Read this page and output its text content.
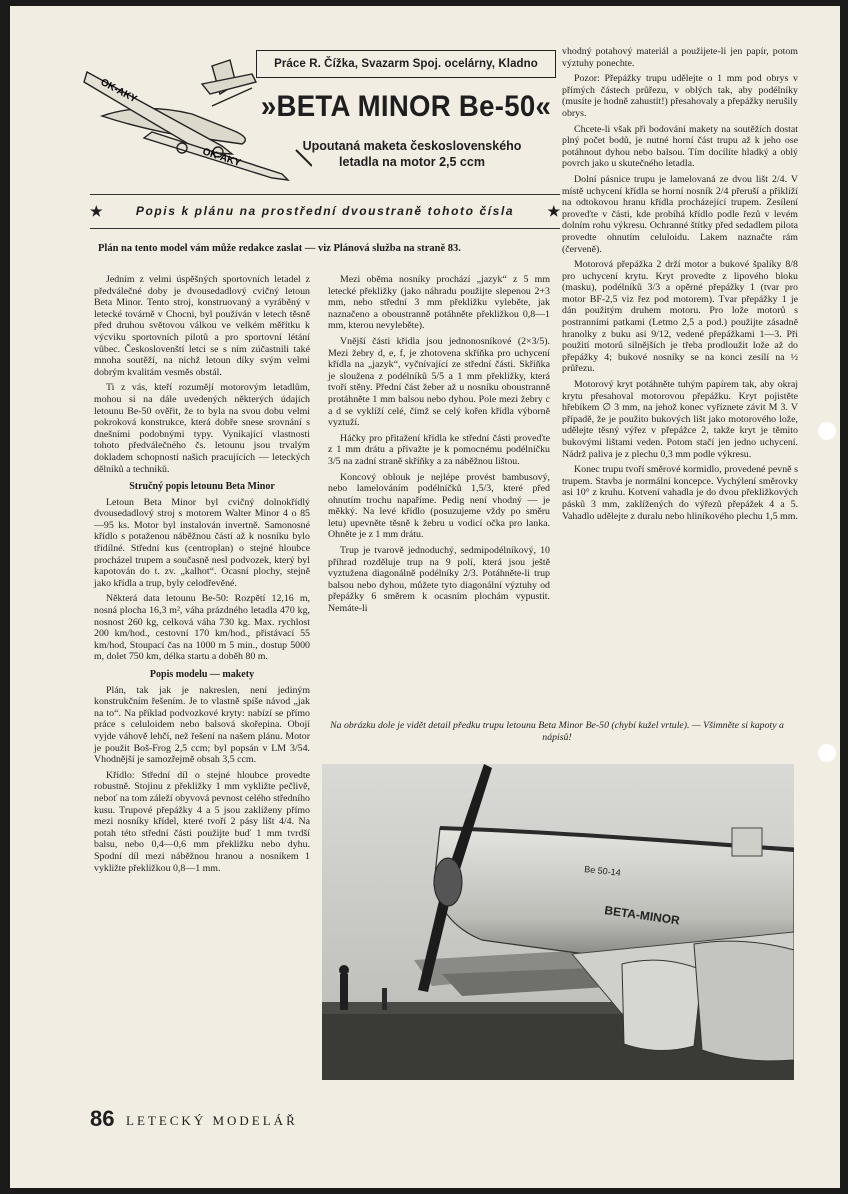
OK-AKY
OK-AKY
Práce R. Čížka, Svazarm Spoj. ocelárny, Kladno
»BETA MINOR Be-50«
Upoutaná maketa československého letadla na motor 2,5 ccm
★	Popis k plánu na prostřední dvoustraně tohoto čísla ★
Plán na tento model vám může redakce zaslat — viz Plánová služba na straně 83.

Jedním z velmi úspěšných sportovních letadel z předválečné doby je dvousedadlový cvičný letoun Beta Minor. Tento stroj, konstruovaný a vyráběný v letecké továrně v Chocni, byl používán v letech těsně před druhou světovou válkou ve velkém měřítku k výcviku sportovních pilotů a pro sportovní létání vůbec. Českoslovenští letci se s ním zúčastnili také mnoha soutěží, na nichž letoun díky svým velmi dobrým kvalitám vesměs obstál.

Ti z vás, kteří rozumějí motorovým letadlům, mohou si na dále uvedených některých údajích letounu Be-50 ověřit, že to byla na svou dobu velmi pokroková konstrukce, která dobře snese srovnání s dnešními podobnými typy. Vynikající vlastnosti tohoto předválečného čs. letounu jsou trvalým dokladem schopností našich pracujících — leteckých dělníků a techniků.

Stručný popis letounu Beta Minor

Letoun Beta Minor byl cvičný dolnokřídlý dvousedadlový stroj s motorem Walter Minor 4 o 85—95 ks. Motor byl instalován invertně. Samonosné křídlo s potaženou náběžnou částí až k nosníku bylo třídílné. Střední kus (centroplan) o stejné hloubce procházel trupem a současně nesl podvozek, který byl kapotován do t. zv. „kalhot“. Ocasní plochy, stejně jako křídla a trup, byly celodřevěné.

Některá data letounu Be-50: Rozpětí 12,16 m, nosná plocha 16,3 m², váha prázdného letadla 470 kg, nosnost 260 kg, celková váha 730 kg. Max. rychlost 200 km/hod., cestovní 170 km/hod., přistávací 55 km/hod, Stoupací čas na 1000 m 5 min., dostup 5000 m, dolet 750 km, délka startu a doběh 80 m.

Popis modelu — makety

Plán, tak jak je nakreslen, není jediným konstrukčním řešením. Je to vlastně spíše návod „jak na to“. Na příklad podvozkové kryty: nabízí se přímo práce s celuloidem nebo balsová skořepina. Obojí vyjde váhově lehčí, než řešení na našem plánu. Motor je použit Boš-Frog 2,5 ccm; byl popsán v LM 3/54. Vhodnější je samozřejmě obsah 3,5 ccm.

Křídlo: Střední díl o stejné hloubce provedte robustně. Stojinu z překližky 1 mm vykližte pečlivě, neboť na tom záleží obyvová pevnost celého středního kusu. Trupové přepážky 4 a 5 jsou zaklíženy přímo mezi nosníky křídel, které tvoří 2 pásy lišt 4/4. Na potah této střední části použijte buď 1 mm tvrdší balsu, nebo 0,4—0,6 mm překližku nebo dyhu. Spodní díl mezi náběžnou hranou a nosníkem 1 vykližte překližkou 0,8—1 mm.

Mezi oběma nosníky prochází „jazyk“ z 5 mm letecké překližky (jako náhradu použijte slepenou 2+3 mm, nebo střední 3 mm překližku vyleběte, jak naznačeno a oboustranně potáhněte překližkou 0,8—1 mm, kterou nevyleběte).

Vnější části křídla jsou jednonosníkové (2×3/5). Mezi žebry d, e, f, je zhotovena skříňka pro uchycení křídla na „jazyk“, vyčnívající ze střední části. Skříňka je sloužena z podélníků 5/5 a 1 mm překližky, která tvoří stěny. Přední část žeber až u nosníku oboustranně protáhněte 1 mm balsou nebo dyhou. Pole mezi žebry c a d se vyklíží celé, čímž se celý kořen křídla výborně vyztuží.

Háčky pro přitažení křídla ke střední části proveďte z 1 mm drátu a přivažte je k pomocnému podélníčku 3/5 na zadní straně skříňky a za náběžnou lištou.

Koncový oblouk je nejlépe provést bambusový, nebo lamelováním podélníčků 1,5/3, které před ohnutím trochu napaříme. Pedig není vhodný — je měkký. Na levé křídlo (posuzujeme vždy po směru letu) upevněte těsně k žebru u vodicí očka pro lanka. Ohněte je z 1 mm drátu.

Trup je tvarově jednoduchý, sedmipodélníkový, 10 příhrad rozděluje trup na 9 polí, která jsou ještě vyztužena diagonálně podélníky 2/3. Potáhněte-li trup balsou nebo dyhou, můžete tyto diagonální výztuhy od přepážky 6 směrem k ocasním plochám vypustit. Nemáte-li

vhodný potahový materiál a použijete-li jen papír, potom výztuhy ponechte.

Pozor: Přepážky trupu udělejte o 1 mm pod obrys v přímých částech průřezu, v oblých tak, aby podélníky (musíte je hodně zahustit!) přesahovaly a přepážky nerušily obrys.

Chcete-li však při bodování makety na soutěžích dostat plný počet bodů, je nutné horní část trupu až k jeho ose potáhnout dyhou nebo balsou. Tím docílíte hladký a oblý povrch jako u skutečného letadla.

Dolní pásnice trupu je lamelovaná ze dvou lišt 2/4. V místě uchycení křídla se horní nosník 2/4 přeruší a přiklíží na odtokovou hranu křídla procházející trupem. Zesílení proveďte v části, kde probíhá křídlo podle řezů v levém dolním rohu výkresu. Ochranné štítky před sedadlem pilota provedte ohnutím celuloidu. Lakem naznačte rám (červeně).

Motorová přepážka 2 drží motor a bukové špalíky 8/8 pro uchycení krytu. Kryt provedte z lipového bloku (masku), podélníků 3/3 a opěrné přepážky 1 (tvar pro motor BF-2,5 viz řez pod motorem). Tvar přepážky 1 je dán použitým druhem motoru. Pro lože motorů s postranními patkami (Letmo 2,5 a pod.) použijte zásadně hranolky z buku asi 9/12, vedené přepážkami 1—3. Při použití motorů silnějších je třeba prodloužit lože až do přepážky 4; bukové nosníky se na konci zesílí na ½ průřezu.

Motorový kryt potáhněte tuhým papírem tak, aby okraj krytu přesahoval motorovou přepážku. Kryt pojistěte hřebíkem ∅ 3 mm, na jehož konec vyříznete závit M 3. V případě, že je použito bukových lišt jako motorového lože, udělejte těsný výřez v přepážce 2, takže kryt je těmito bukovými lištami veden. Potom stačí jen jedno uchycení. Nádrž paliva je z plechu 0,3 mm podle výkresu.

Konec trupu tvoří směrové kormidlo, provedené pevně s trupem. Stavba je normální koncepce. Vychýlení směrovky asi 10° z kruhu. Kotvení vahadla je do dvou překližkových pásků 3 mm, zaklížených do výřezů přepážek 4 a 5. Vahadlo udělejte z duralu nebo hliníkového plechu 1,5 mm.

Na obrázku dole je vidět detail předku trupu letounu Beta Minor Be-50 (chybí kužel vrtule). — Všimněte si kapoty a nápisů!
Be 50-14
BETA-MINOR
86 LETECKÝ MODELÁŘ
